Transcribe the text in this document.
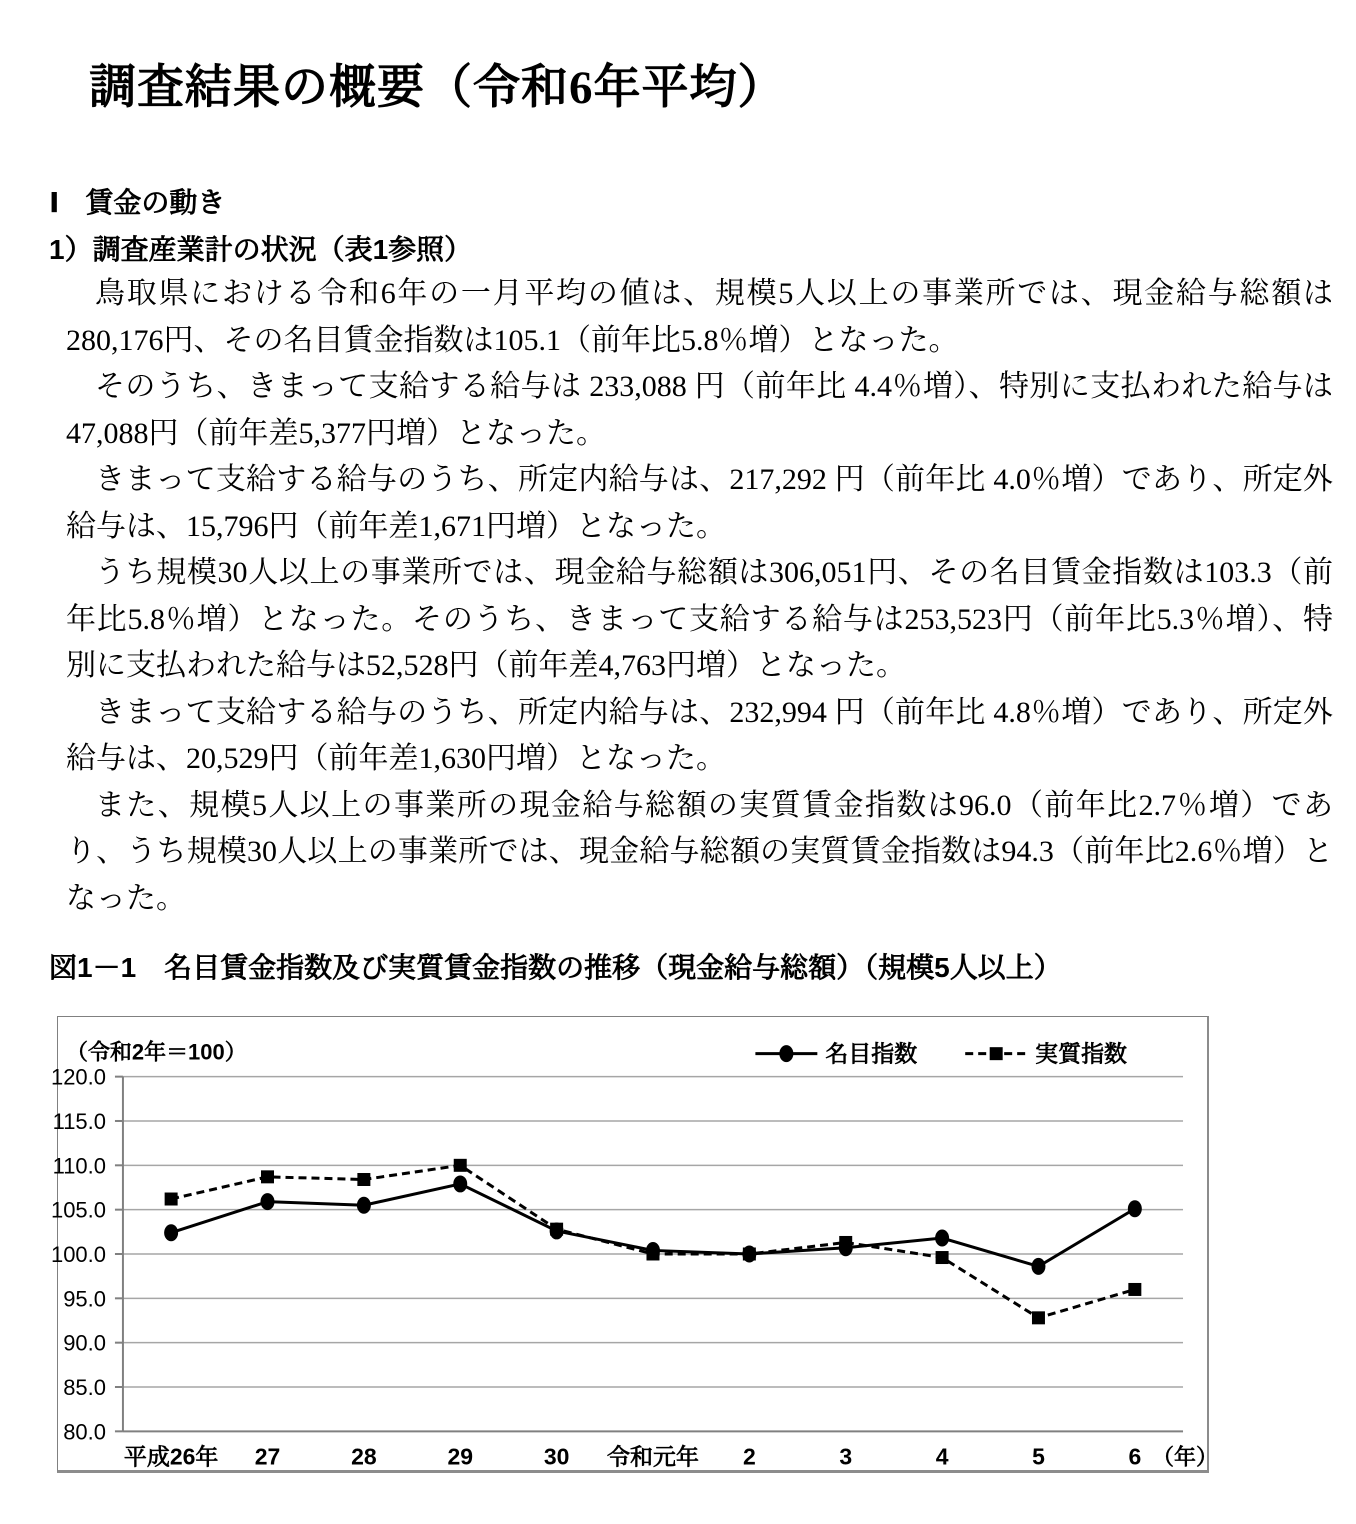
調査結果の概要（令和6年平均）
Ⅰ 賃金の動き
1）調査産業計の状況（表1参照）

鳥取県における令和6年の一月平均の値は、規模5人以上の事業所では、現金給与総額は280,176円、その名目賃金指数は105.1（前年比5.8％増）となった。

そのうち、きまって支給する給与は 233,088 円（前年比 4.4％増）、特別に支払われた給与は47,088円（前年差5,377円増）となった。

きまって支給する給与のうち、所定内給与は、217,292 円（前年比 4.0％増）であり、所定外給与は、15,796円（前年差1,671円増）となった。

うち規模30人以上の事業所では、現金給与総額は306,051円、その名目賃金指数は103.3（前年比5.8％増）となった。そのうち、きまって支給する給与は253,523円（前年比5.3％増）、特別に支払われた給与は52,528円（前年差4,763円増）となった。

きまって支給する給与のうち、所定内給与は、232,994 円（前年比 4.8％増）であり、所定外給与は、20,529円（前年差1,630円増）となった。

また、規模5人以上の事業所の現金給与総額の実質賃金指数は96.0（前年比2.7％増）であり、うち規模30人以上の事業所では、現金給与総額の実質賃金指数は94.3（前年比2.6％増）となった。

図1－1 名目賃金指数及び実質賃金指数の推移（現金給与総額）（規模5人以上）
120.0
115.0
110.0
105.0
100.0
95.0
90.0
85.0
80.0
平成26年 27	28	29	30 令和元年 2	3	4	5	6 （年）
（令和2年＝100）	名目指数	実質指数
